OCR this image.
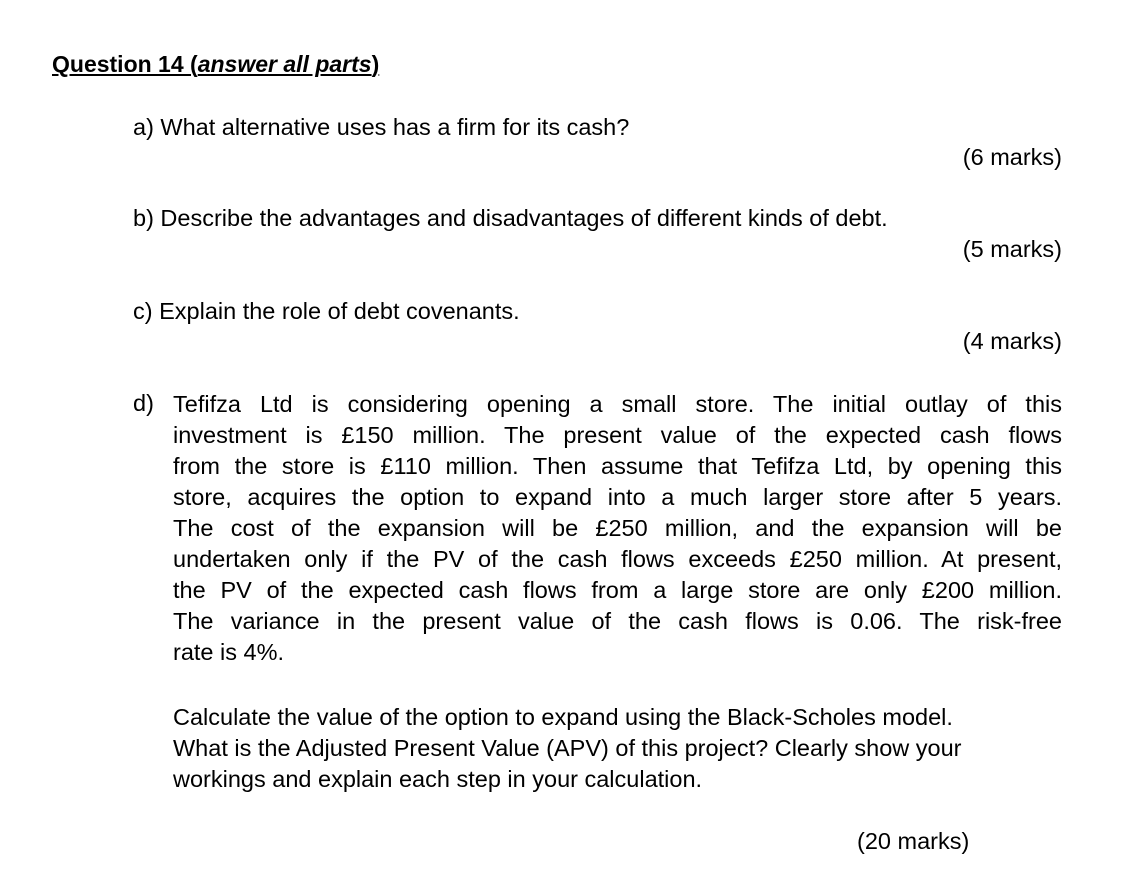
Question 14 (answer all parts)
a) What alternative uses has a firm for its cash?
(6 marks)
b) Describe the advantages and disadvantages of different kinds of debt.
(5 marks)
c) Explain the role of debt covenants.
(4 marks)
d) Tefifza Ltd is considering opening a small store. The initial outlay of this
investment is £150 million. The present value of the expected cash flows
from the store is £110 million. Then assume that Tefifza Ltd, by opening this
store, acquires the option to expand into a much larger store after 5 years.
The cost of the expansion will be £250 million, and the expansion will be
undertaken only if the PV of the cash flows exceeds £250 million. At present,
the PV of the expected cash flows from a large store are only £200 million.
The variance in the present value of the cash flows is 0.06. The risk-free
rate is 4%.
Calculate the value of the option to expand using the Black-Scholes model.
What is the Adjusted Present Value (APV) of this project? Clearly show your
workings and explain each step in your calculation.
(20 marks)
